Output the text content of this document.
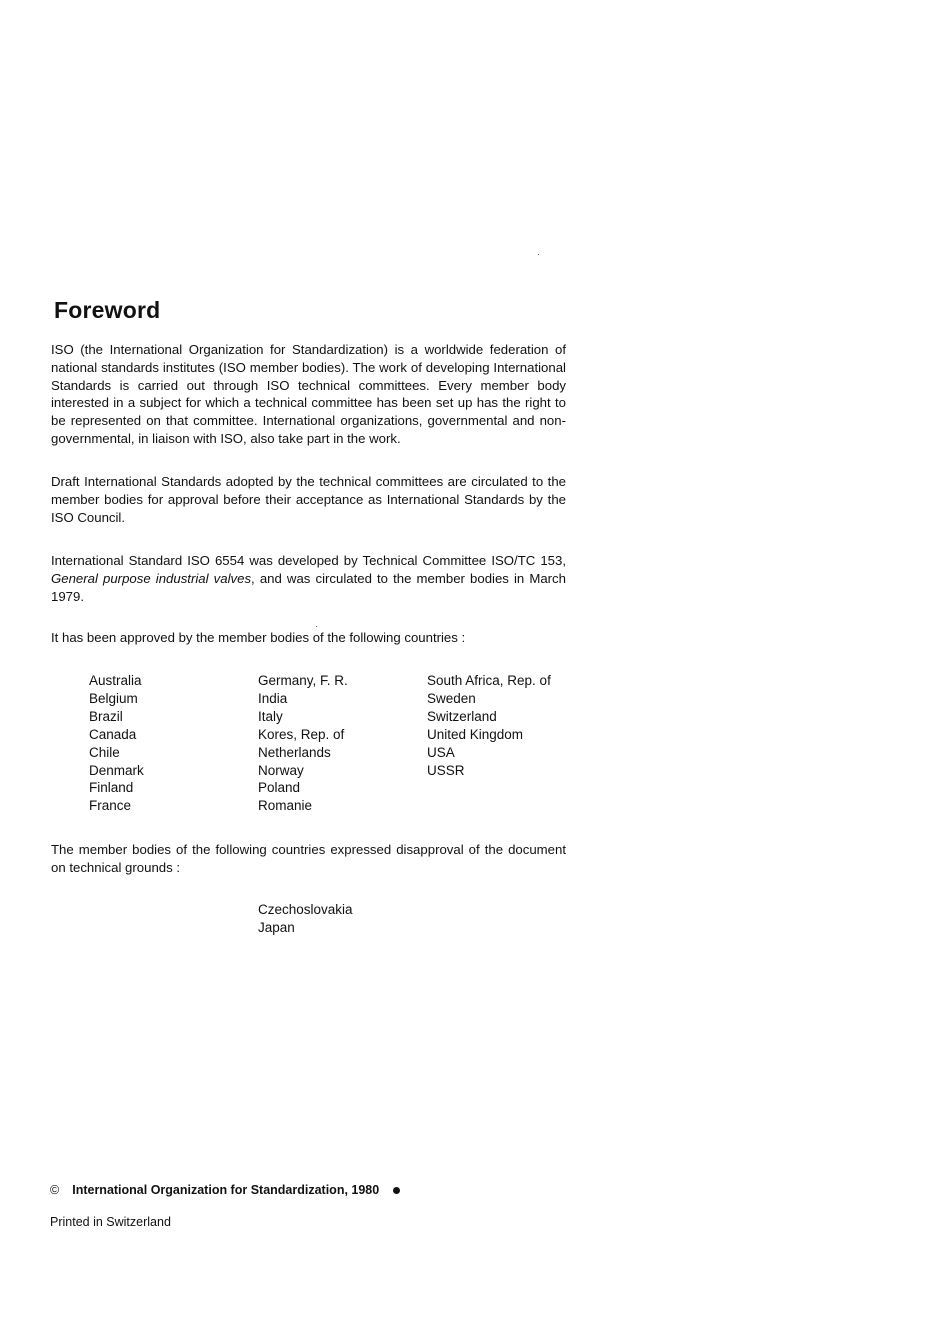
Foreword

ISO (the International Organization for Standardization) is a worldwide federation of national standards institutes (ISO member bodies). The work of developing International Standards is carried out through ISO technical committees. Every member body interested in a subject for which a technical committee has been set up has the right to be represented on that committee. International organizations, governmental and non-governmental, in liaison with ISO, also take part in the work.

Draft International Standards adopted by the technical committees are circulated to the member bodies for approval before their acceptance as International Standards by the ISO Council.

International Standard ISO 6554 was developed by Technical Committee ISO/TC 153, General purpose industrial valves, and was circulated to the member bodies in March 1979.

It has been approved by the member bodies of the following countries :

Australia
Belgium
Brazil
Canada
Chile
Denmark
Finland
France
Germany, F. R.
India
Italy
Kores, Rep. of
Netherlands
Norway
Poland
Romanie
South Africa, Rep. of
Sweden
Switzerland
United Kingdom
USA
USSR

The member bodies of the following countries expressed disapproval of the document on technical grounds :

Czechoslovakia
Japan
© International Organization for Standardization, 1980
Printed in Switzerland
